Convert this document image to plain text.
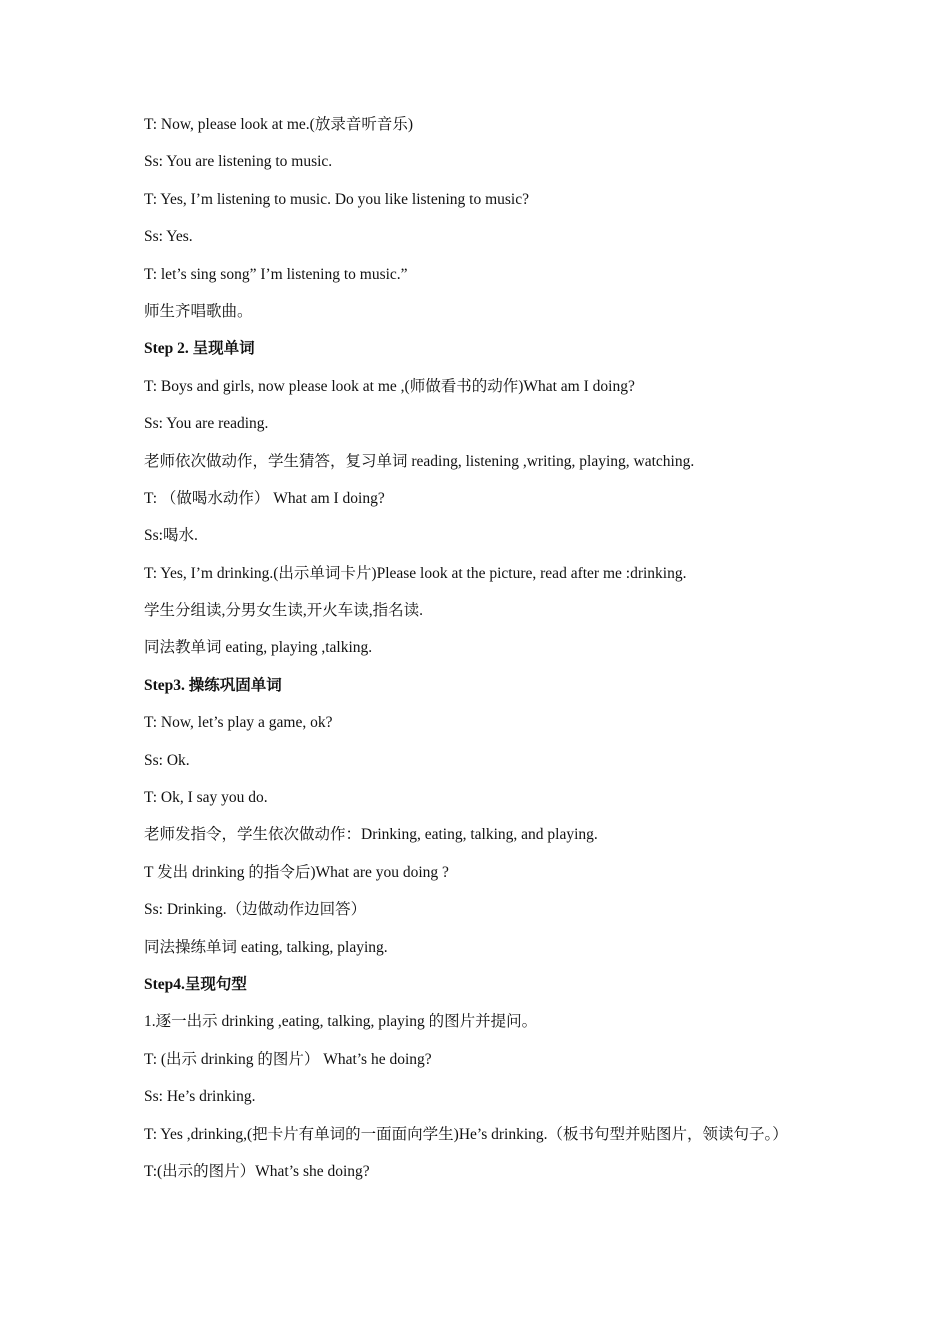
T: Now, please look at me.(放录音听音乐)
Ss: You are listening to music.
T: Yes, I’m listening to music. Do you like listening to music?
Ss: Yes.
T: let’s sing song” I’m listening to music.”
师生齐唱歌曲。
Step 2. 呈现单词
T: Boys and girls, now please look at me ,(师做看书的动作)What am I doing?
Ss: You are reading.
老师依次做动作，学生猜答，复习单词 reading, listening ,writing, playing, watching.
T: （做喝水动作） What am I doing?
Ss:喝水.
T: Yes, I’m drinking.(出示单词卡片)Please look at the picture, read after me :drinking.
学生分组读,分男女生读,开火车读,指名读.
同法教单词 eating, playing ,talking.
Step3. 操练巩固单词
T: Now, let’s play a game, ok?
Ss: Ok.
T: Ok, I say you do.
老师发指令，学生依次做动作：Drinking, eating, talking, and playing.
T 发出 drinking 的指令后)What are you doing ?
Ss: Drinking.（边做动作边回答）
同法操练单词 eating, talking, playing.
Step4.呈现句型
1.逐一出示 drinking ,eating, talking, playing 的图片并提问。
T: (出示 drinking 的图片） What’s he doing?
Ss: He’s drinking.
T: Yes ,drinking,(把卡片有单词的一面面向学生)He’s drinking.（板书句型并贴图片，领读句子。）
T:(出示的图片）What’s she doing?
